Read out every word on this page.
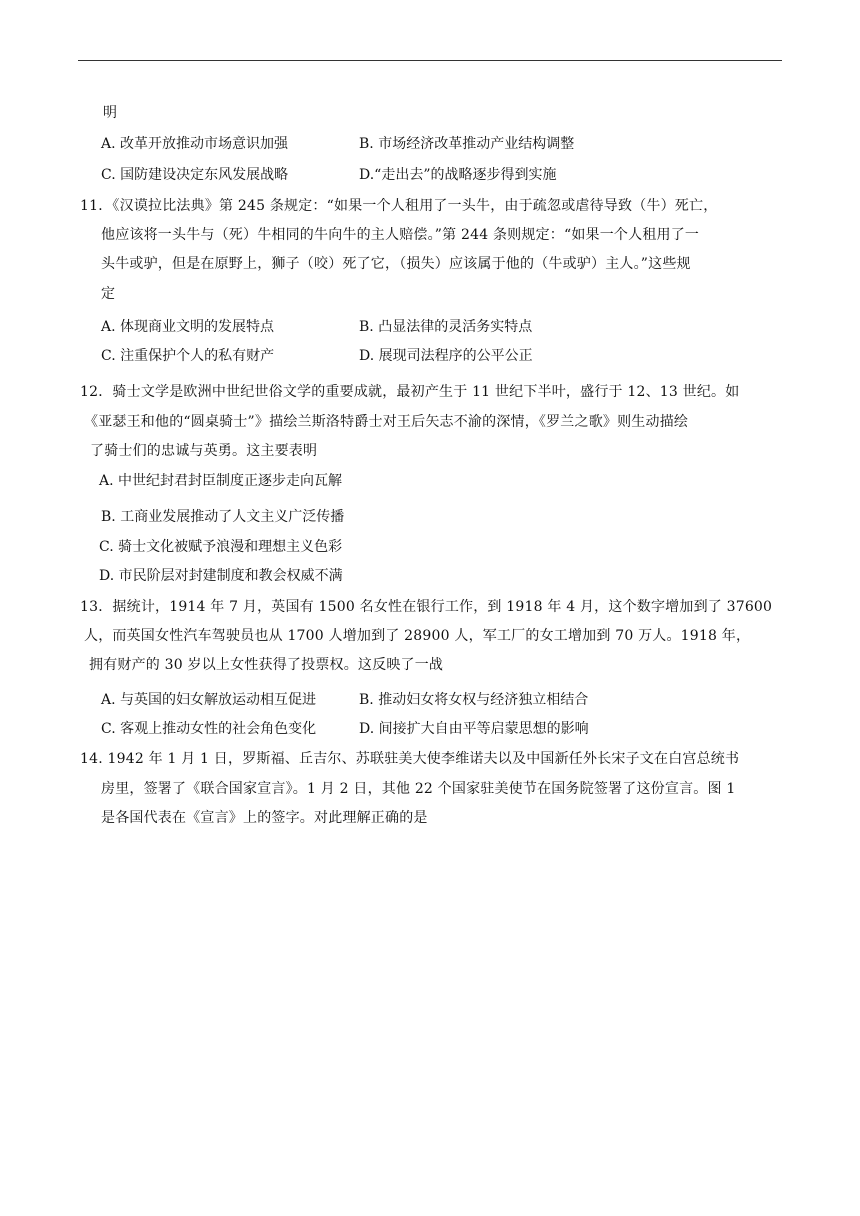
明
A. 改革开放推动市场意识加强	B. 市场经济改革推动产业结构调整
C. 国防建设决定东风发展战略	D.“走出去”的战略逐步得到实施
11．《汉谟拉比法典》第 245 条规定：“如果一个人租用了一头牛，由于疏忽或虐待导致（牛）死亡，
他应该将一头牛与（死）牛相同的牛向牛的主人赔偿。”第 244 条则规定：“如果一个人租用了一
头牛或驴，但是在原野上，狮子（咬）死了它，（损失）应该属于他的（牛或驴）主人。”这些规
定
A. 体现商业文明的发展特点	B. 凸显法律的灵活务实特点
C. 注重保护个人的私有财产	D. 展现司法程序的公平公正
12．骑士文学是欧洲中世纪世俗文学的重要成就，最初产生于 11 世纪下半叶，盛行于 12、13 世纪。如
《亚瑟王和他的“圆桌骑士”》描绘兰斯洛特爵士对王后矢志不渝的深情，《罗兰之歌》则生动描绘
了骑士们的忠诚与英勇。这主要表明
A. 中世纪封君封臣制度正逐步走向瓦解
B. 工商业发展推动了人文主义广泛传播
C. 骑士文化被赋予浪漫和理想主义色彩
D. 市民阶层对封建制度和教会权威不满
13．据统计，1914 年 7 月，英国有 1500 名女性在银行工作，到 1918 年 4 月，这个数字增加到了 37600
人，而英国女性汽车驾驶员也从 1700 人增加到了 28900 人，军工厂的女工增加到 70 万人。1918 年，
拥有财产的 30 岁以上女性获得了投票权。这反映了一战
A. 与英国的妇女解放运动相互促进	B. 推动妇女将女权与经济独立相结合
C. 客观上推动女性的社会角色变化	D. 间接扩大自由平等启蒙思想的影响
14. 1942 年 1 月 1 日，罗斯福、丘吉尔、苏联驻美大使李维诺夫以及中国新任外长宋子文在白宫总统书
房里，签署了《联合国家宣言》。1 月 2 日，其他 22 个国家驻美使节在国务院签署了这份宣言。图 1
是各国代表在《宣言》上的签字。对此理解正确的是
